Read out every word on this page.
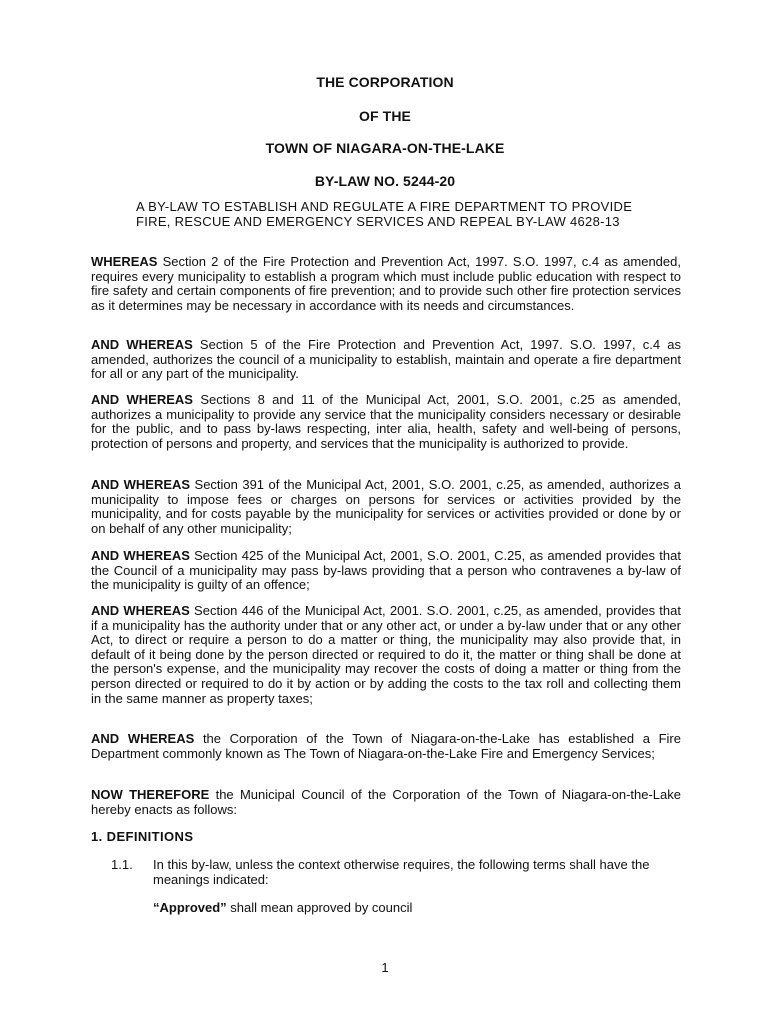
THE CORPORATION
OF THE
TOWN OF NIAGARA-ON-THE-LAKE
BY-LAW NO. 5244-20
A BY-LAW TO ESTABLISH AND REGULATE A FIRE DEPARTMENT TO PROVIDE FIRE, RESCUE AND EMERGENCY SERVICES AND REPEAL BY-LAW 4628-13
WHEREAS Section 2 of the Fire Protection and Prevention Act, 1997. S.O. 1997, c.4 as amended, requires every municipality to establish a program which must include public education with respect to fire safety and certain components of fire prevention; and to provide such other fire protection services as it determines may be necessary in accordance with its needs and circumstances.
AND WHEREAS Section 5 of the Fire Protection and Prevention Act, 1997. S.O. 1997, c.4 as amended, authorizes the council of a municipality to establish, maintain and operate a fire department for all or any part of the municipality.
AND WHEREAS Sections 8 and 11 of the Municipal Act, 2001, S.O. 2001, c.25 as amended, authorizes a municipality to provide any service that the municipality considers necessary or desirable for the public, and to pass by-laws respecting, inter alia, health, safety and well-being of persons, protection of persons and property, and services that the municipality is authorized to provide.
AND WHEREAS Section 391 of the Municipal Act, 2001, S.O. 2001, c.25, as amended, authorizes a municipality to impose fees or charges on persons for services or activities provided by the municipality, and for costs payable by the municipality for services or activities provided or done by or on behalf of any other municipality;
AND WHEREAS Section 425 of the Municipal Act, 2001, S.O. 2001, C.25, as amended provides that the Council of a municipality may pass by-laws providing that a person who contravenes a by-law of the municipality is guilty of an offence;
AND WHEREAS Section 446 of the Municipal Act, 2001. S.O. 2001, c.25, as amended, provides that if a municipality has the authority under that or any other act, or under a by-law under that or any other Act, to direct or require a person to do a matter or thing, the municipality may also provide that, in default of it being done by the person directed or required to do it, the matter or thing shall be done at the person's expense, and the municipality may recover the costs of doing a matter or thing from the person directed or required to do it by action or by adding the costs to the tax roll and collecting them in the same manner as property taxes;
AND WHEREAS the Corporation of the Town of Niagara-on-the-Lake has established a Fire Department commonly known as The Town of Niagara-on-the-Lake Fire and Emergency Services;
NOW THEREFORE the Municipal Council of the Corporation of the Town of Niagara-on-the-Lake hereby enacts as follows:
1. DEFINITIONS
1.1. In this by-law, unless the context otherwise requires, the following terms shall have the meanings indicated:
“Approved” shall mean approved by council
1
